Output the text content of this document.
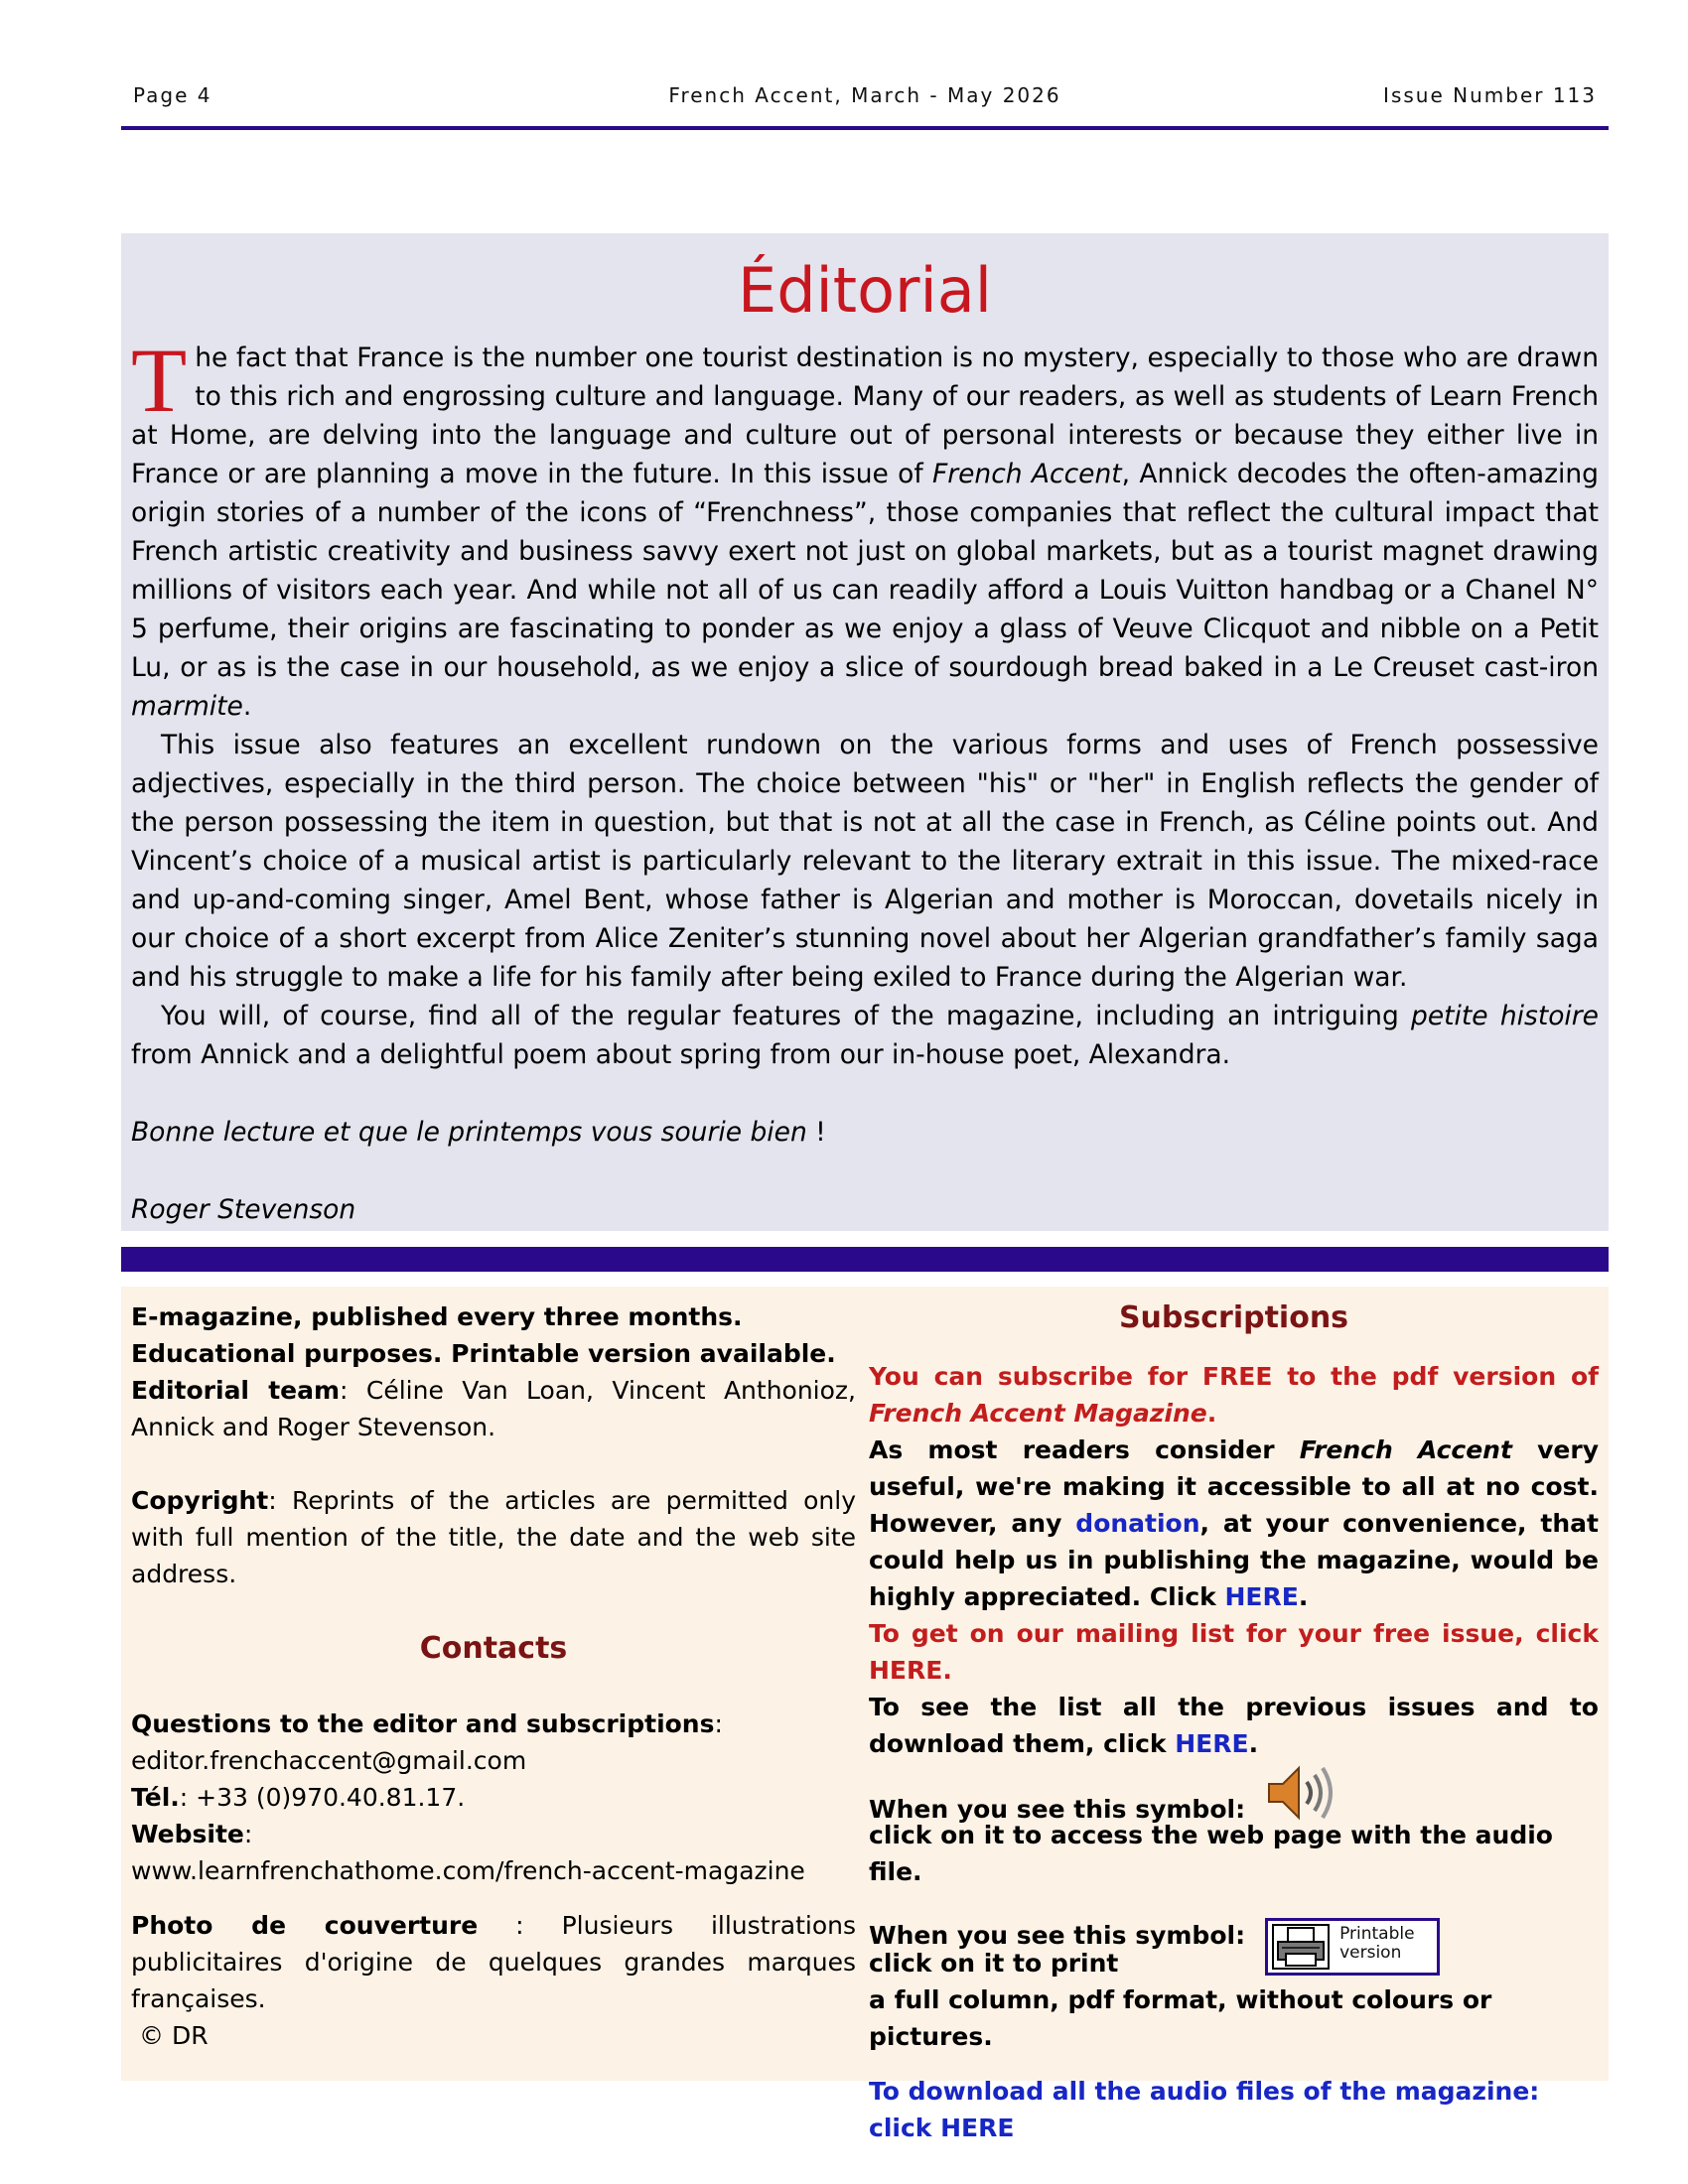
Page 4	French Accent, March - May 2026	Issue Number 113
Éditorial

The fact that France is the number one tourist destination is no mystery, especially to those who are drawn to this rich and engrossing culture and language. Many of our readers, as well as students of Learn French at Home, are delving into the language and culture out of personal interests or because they either live in France or are planning a move in the future. In this issue of French Accent, Annick decodes the often-amazing origin stories of a number of the icons of “Frenchness”, those companies that reflect the cultural impact that French artistic creativity and business savvy exert not just on global markets, but as a tourist magnet drawing millions of visitors each year. And while not all of us can readily afford a Louis Vuitton handbag or a Chanel N° 5 perfume, their origins are fascinating to ponder as we enjoy a glass of Veuve Clicquot and nibble on a Petit Lu, or as is the case in our household, as we enjoy a slice of sourdough bread baked in a Le Creuset cast-iron marmite.

This issue also features an excellent rundown on the various forms and uses of French possessive adjectives, especially in the third person. The choice between "his" or "her" in English reflects the gender of the person possessing the item in question, but that is not at all the case in French, as Céline points out. And Vincent’s choice of a musical artist is particularly relevant to the literary extrait in this issue. The mixed-race and up-and-coming singer, Amel Bent, whose father is Algerian and mother is Moroccan, dovetails nicely in our choice of a short excerpt from Alice Zeniter’s stunning novel about her Algerian grandfather’s family saga and his struggle to make a life for his family after being exiled to France during the Algerian war.

You will, of course, find all of the regular features of the magazine, including an intriguing petite histoire from Annick and a delightful poem about spring from our in-house poet, Alexandra.

Bonne lecture et que le printemps vous sourie bien !

Roger Stevenson

E-magazine, published every three months.

Educational purposes. Printable version available.

Editorial team: Céline Van Loan, Vincent Anthonioz, Annick and Roger Stevenson.

Copyright: Reprints of the articles are permitted only with full mention of the title, the date and the web site address.

Contacts

Questions to the editor and subscriptions:

editor.frenchaccent@gmail.com

Tél.: +33 (0)970.40.81.17.

Website:

www.learnfrenchathome.com/french-accent-magazine

Photo de couverture : Plusieurs illustrations publicitaires d'origine de quelques grandes marques françaises.

© DR

Subscriptions

You can subscribe for FREE to the pdf version of French Accent Magazine.

As most readers consider French Accent very useful, we're making it accessible to all at no cost. However, any donation, at your convenience, that could help us in publishing the magazine, would be highly appreciated. Click HERE.

To get on our mailing list for your free issue, click HERE.

To see the list all the previous issues and to download them, click HERE.

When you see this symbol:

click on it to access the web page with the audio file.

When you see this symbol:	Printable version

click on it to print

a full column, pdf format, without colours or pictures.

To download all the audio files of the magazine:

click HERE
